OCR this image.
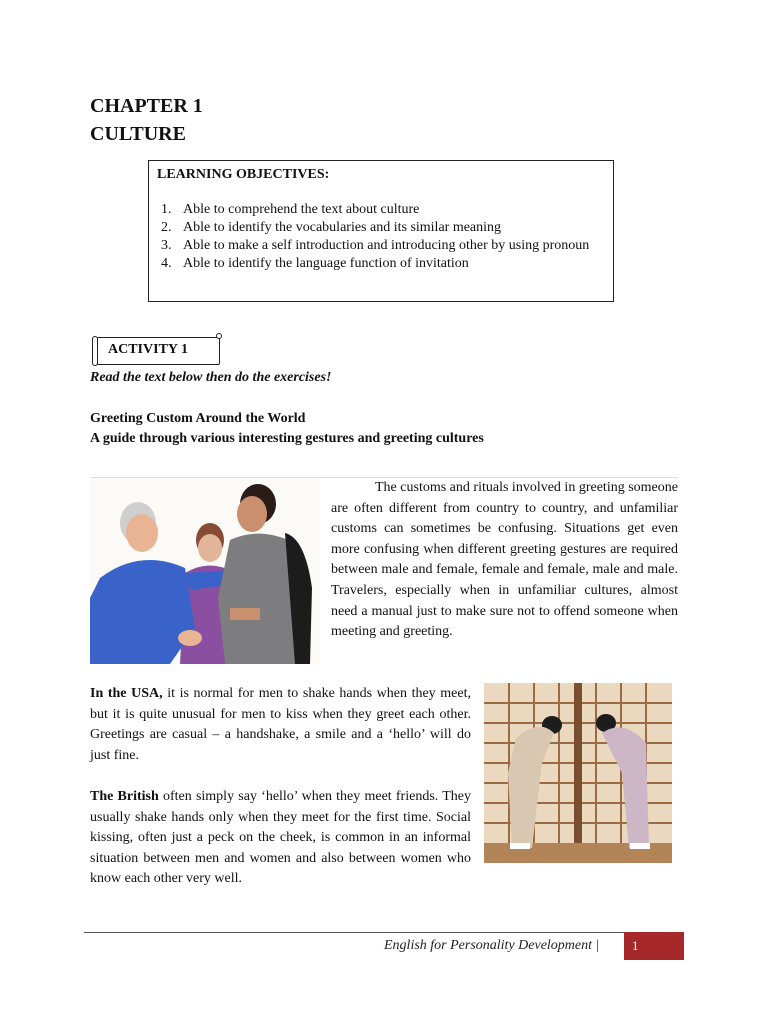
CHAPTER 1
CULTURE
LEARNING OBJECTIVES:
1. Able to comprehend the text about culture
2. Able to identify the vocabularies and its similar meaning
3. Able to make a self introduction and introducing other by using pronoun
4. Able to identify the language function of invitation
ACTIVITY 1
Read the text below then do the exercises!
Greeting Custom Around the World
A guide through various interesting gestures and greeting cultures
The customs and rituals involved in greeting someone are often different from country to country, and unfamiliar customs can sometimes be confusing. Situations get even more confusing when different greeting gestures are required between male and female, female and female, male and male. Travelers, especially when in unfamiliar cultures, almost need a manual just to make sure not to offend someone when meeting and greeting.
In the USA, it is normal for men to shake hands when they meet, but it is quite unusual for men to kiss when they greet each other. Greetings are casual – a handshake, a smile and a ‘hello’ will do just fine.
The British often simply say ‘hello’ when they meet friends. They usually shake hands only when they meet for the first time. Social kissing, often just a peck on the cheek, is common in an informal situation between men and women and also between women who know each other very well.
English for Personality Development |	1
